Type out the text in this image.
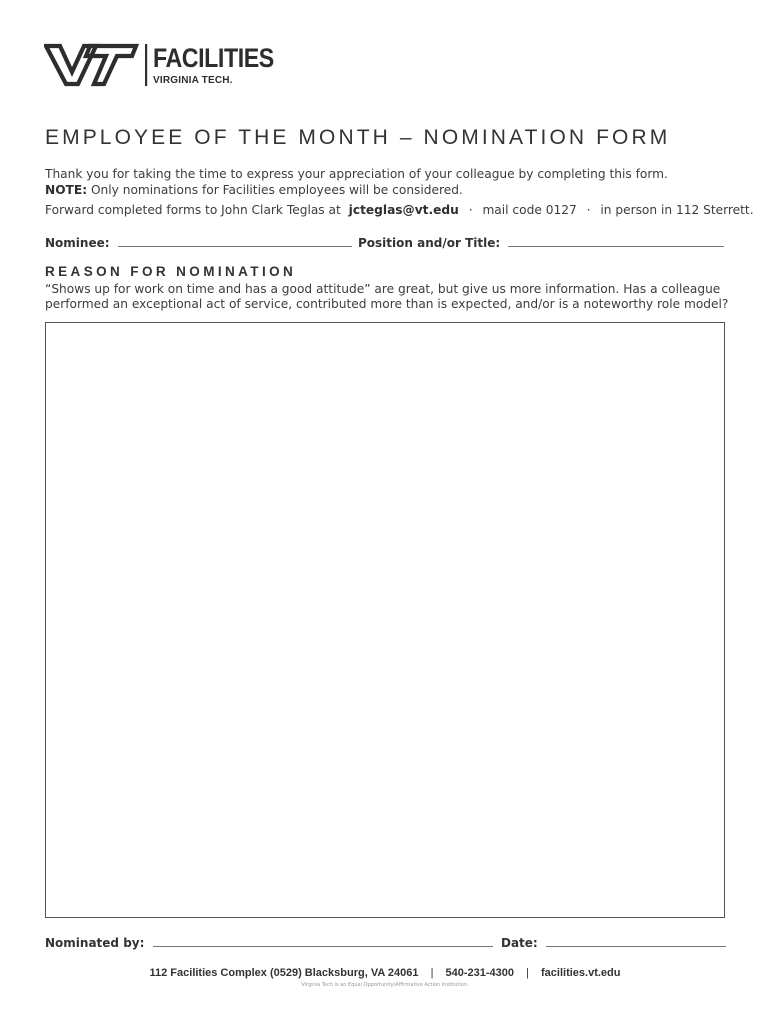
FACILITIES
VIRGINIA TECH.
EMPLOYEE OF THE MONTH – NOMINATION FORM

Thank you for taking the time to express your appreciation of your colleague by completing this form.

NOTE: Only nominations for Facilities employees will be considered.

Forward completed forms to John Clark Teglas at jcteglas@vt.edu · mail code 0127 · in person in 112 Sterrett.
Nominee:	Position and/or Title:
REASON FOR NOMINATION

“Shows up for work on time and has a good attitude” are great, but give us more information. Has a colleague

performed an exceptional act of service, contributed more than is expected, and/or is a noteworthy role model?

Nominated by:	Date:
112 Facilities Complex (0529) Blacksburg, VA 24061 | 540-231-4300 | facilities.vt.edu
Virginia Tech is an Equal Opportunity/Affirmative Action Institution.
